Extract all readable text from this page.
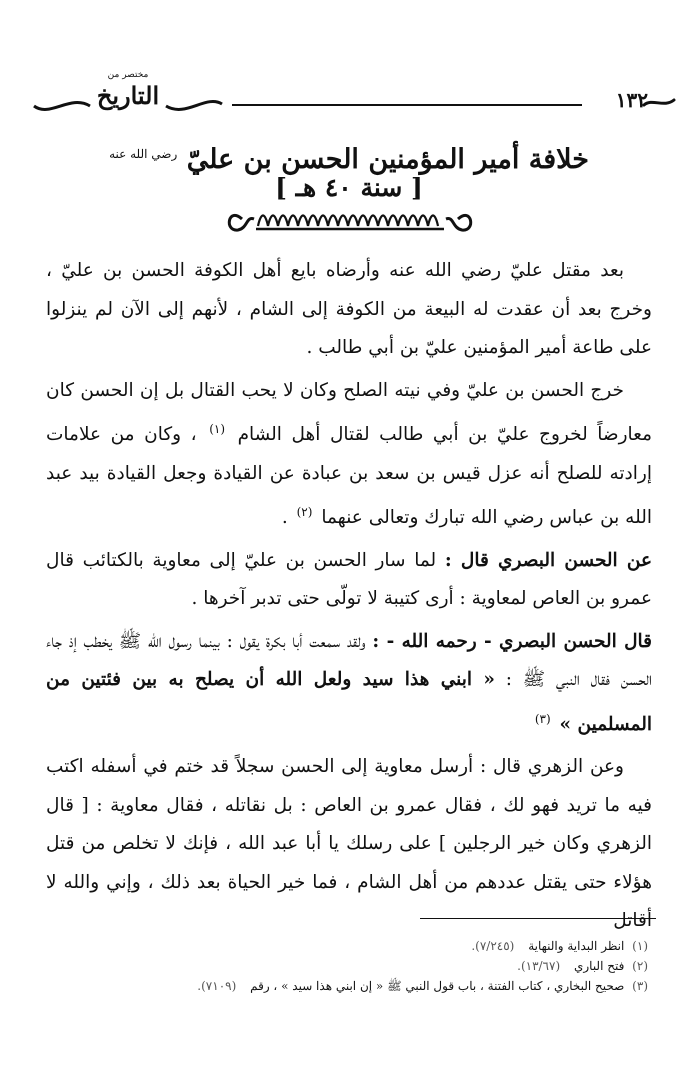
١٣٢
مختصر من
التاريخ
خلافة أمير المؤمنين الحسن بن عليّ $^{رضي الله عنه}$
[ سنة ٤٠ هـ ]

بعد مقتل عليّ رضي الله عنه وأرضاه بايع أهل الكوفة الحسن بن عليّ ، وخرج بعد أن عقدت له البيعة من الكوفة إلى الشام ، لأنهم إلى الآن لم ينزلوا على طاعة أمير المؤمنين عليّ بن أبي طالب .

خرج الحسن بن عليّ وفي نيته الصلح وكان لا يحب القتال بل إن الحسن كان معارضاً لخروج عليّ بن أبي طالب لقتال أهل الشام $^{(١)}$ ، وكان من علامات إرادته للصلح أنه عزل قيس بن سعد بن عبادة عن القيادة وجعل القيادة بيد عبد الله بن عباس رضي الله تبارك وتعالى عنهما $^{(٢)}$ .

عن الحسن البصري قال : لما سار الحسن بن عليّ إلى معاوية بالكتائب قال عمرو بن العاص لمعاوية : أرى كتيبة لا تولّى حتى تدبر آخرها .

قال الحسن البصري - رحمه الله - : ولقد سمعت أبا بكرة يقول : بينما رسول الله ﷺ يخطب إذ جاء الحسن فقال النبي ﷺ : « ابني هذا سيد ولعل الله أن يصلح به بين فئتين من المسلمين » $^{(٣)}$

وعن الزهري قال : أرسل معاوية إلى الحسن سجلاً قد ختم في أسفله اكتب فيه ما تريد فهو لك ، فقال عمرو بن العاص : بل نقاتله ، فقال معاوية : [ قال الزهري وكان خير الرجلين ] على رسلك يا أبا عبد الله ، فإنك لا تخلص من قتل هؤلاء حتى يقتل عددهم من أهل الشام ، فما خير الحياة بعد ذلك ، وإني والله لا أقاتل

(١) انظر البداية والنهاية (٧/٢٤٥).
(٢) فتح الباري (١٣/٦٧).
(٣) صحيح البخاري ، كتاب الفتنة ، باب قول النبي ﷺ « إن ابني هذا سيد » ، رقم (٧١٠٩).
